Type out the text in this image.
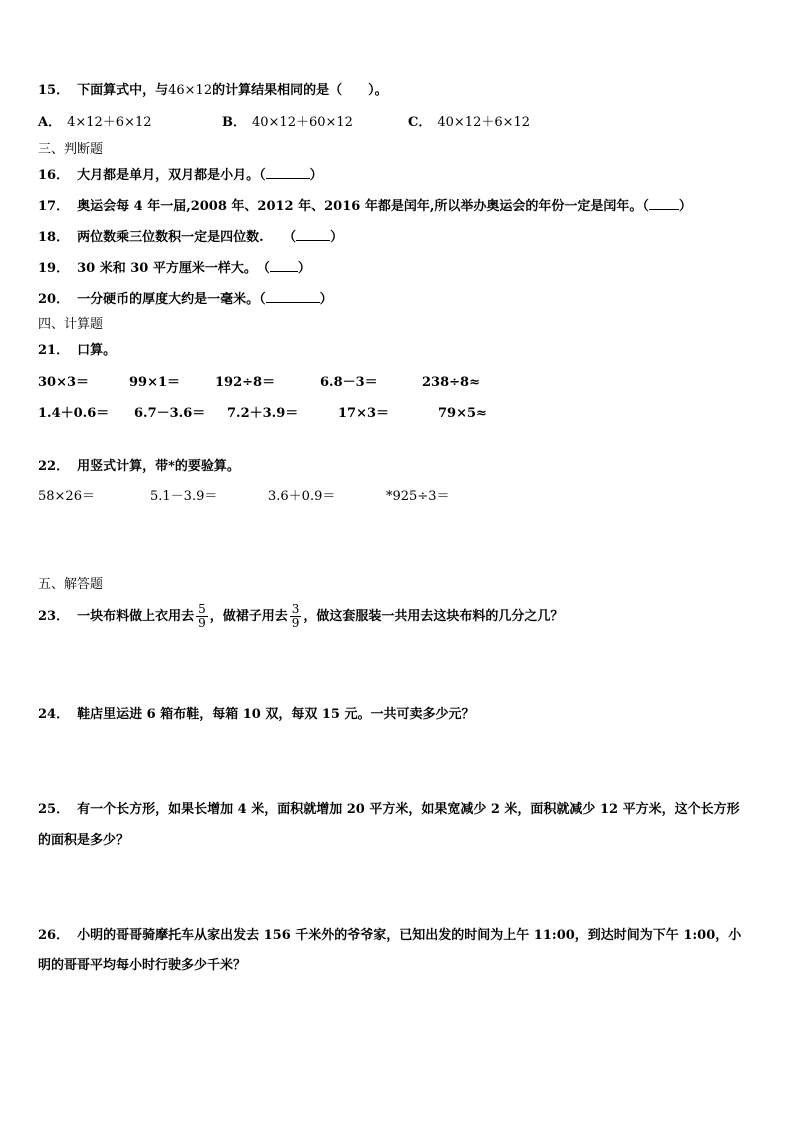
15． 下面算式中，与46×12的计算结果相同的是（　　）。
A． 4×12＋6×12	B． 40×12＋60×12	C． 40×12＋6×12
三、判断题
16． 大月都是单月，双月都是小月。（	）
17． 奥运会每 4 年一届,2008 年、2012 年、2016 年都是闰年,所以举办奥运会的年份一定是闰年。（ ）
18． 两位数乘三位数积一定是四位数.　　（	）
19． 30 米和 30 平方厘米一样大。　（ ）
20． 一分硬币的厚度大约是一毫米。（	）
四、计算题
21． 口算。
30×3＝	99×1＝	192÷8＝	6.8－3＝	238÷8≈
1.4＋0.6＝ 6.7－3.6＝ 7.2＋3.9＝	17×3＝	79×5≈
22． 用竖式计算，带*的要验算。
58×26＝	5.1－3.9＝	3.6＋0.9＝	*925÷3＝
五、解答题
23． 一块布料做上衣用去 $\frac{5}{9}$ ，做裙子用去 $\frac{3}{9}$ ，做这套服装一共用去这块布料的几分之几？
24． 鞋店里运进 6 箱布鞋，每箱 10 双，每双 15 元。一共可卖多少元？
25． 有一个长方形，如果长增加 4 米，面积就增加 20 平方米，如果宽减少 2 米，面积就减少 12 平方米，这个长方形
的面积是多少？
26． 小明的哥哥骑摩托车从家出发去 156 千米外的爷爷家，已知出发的时间为上午 11:00，到达时间为下午 1:00，小
明的哥哥平均每小时行驶多少千米？
